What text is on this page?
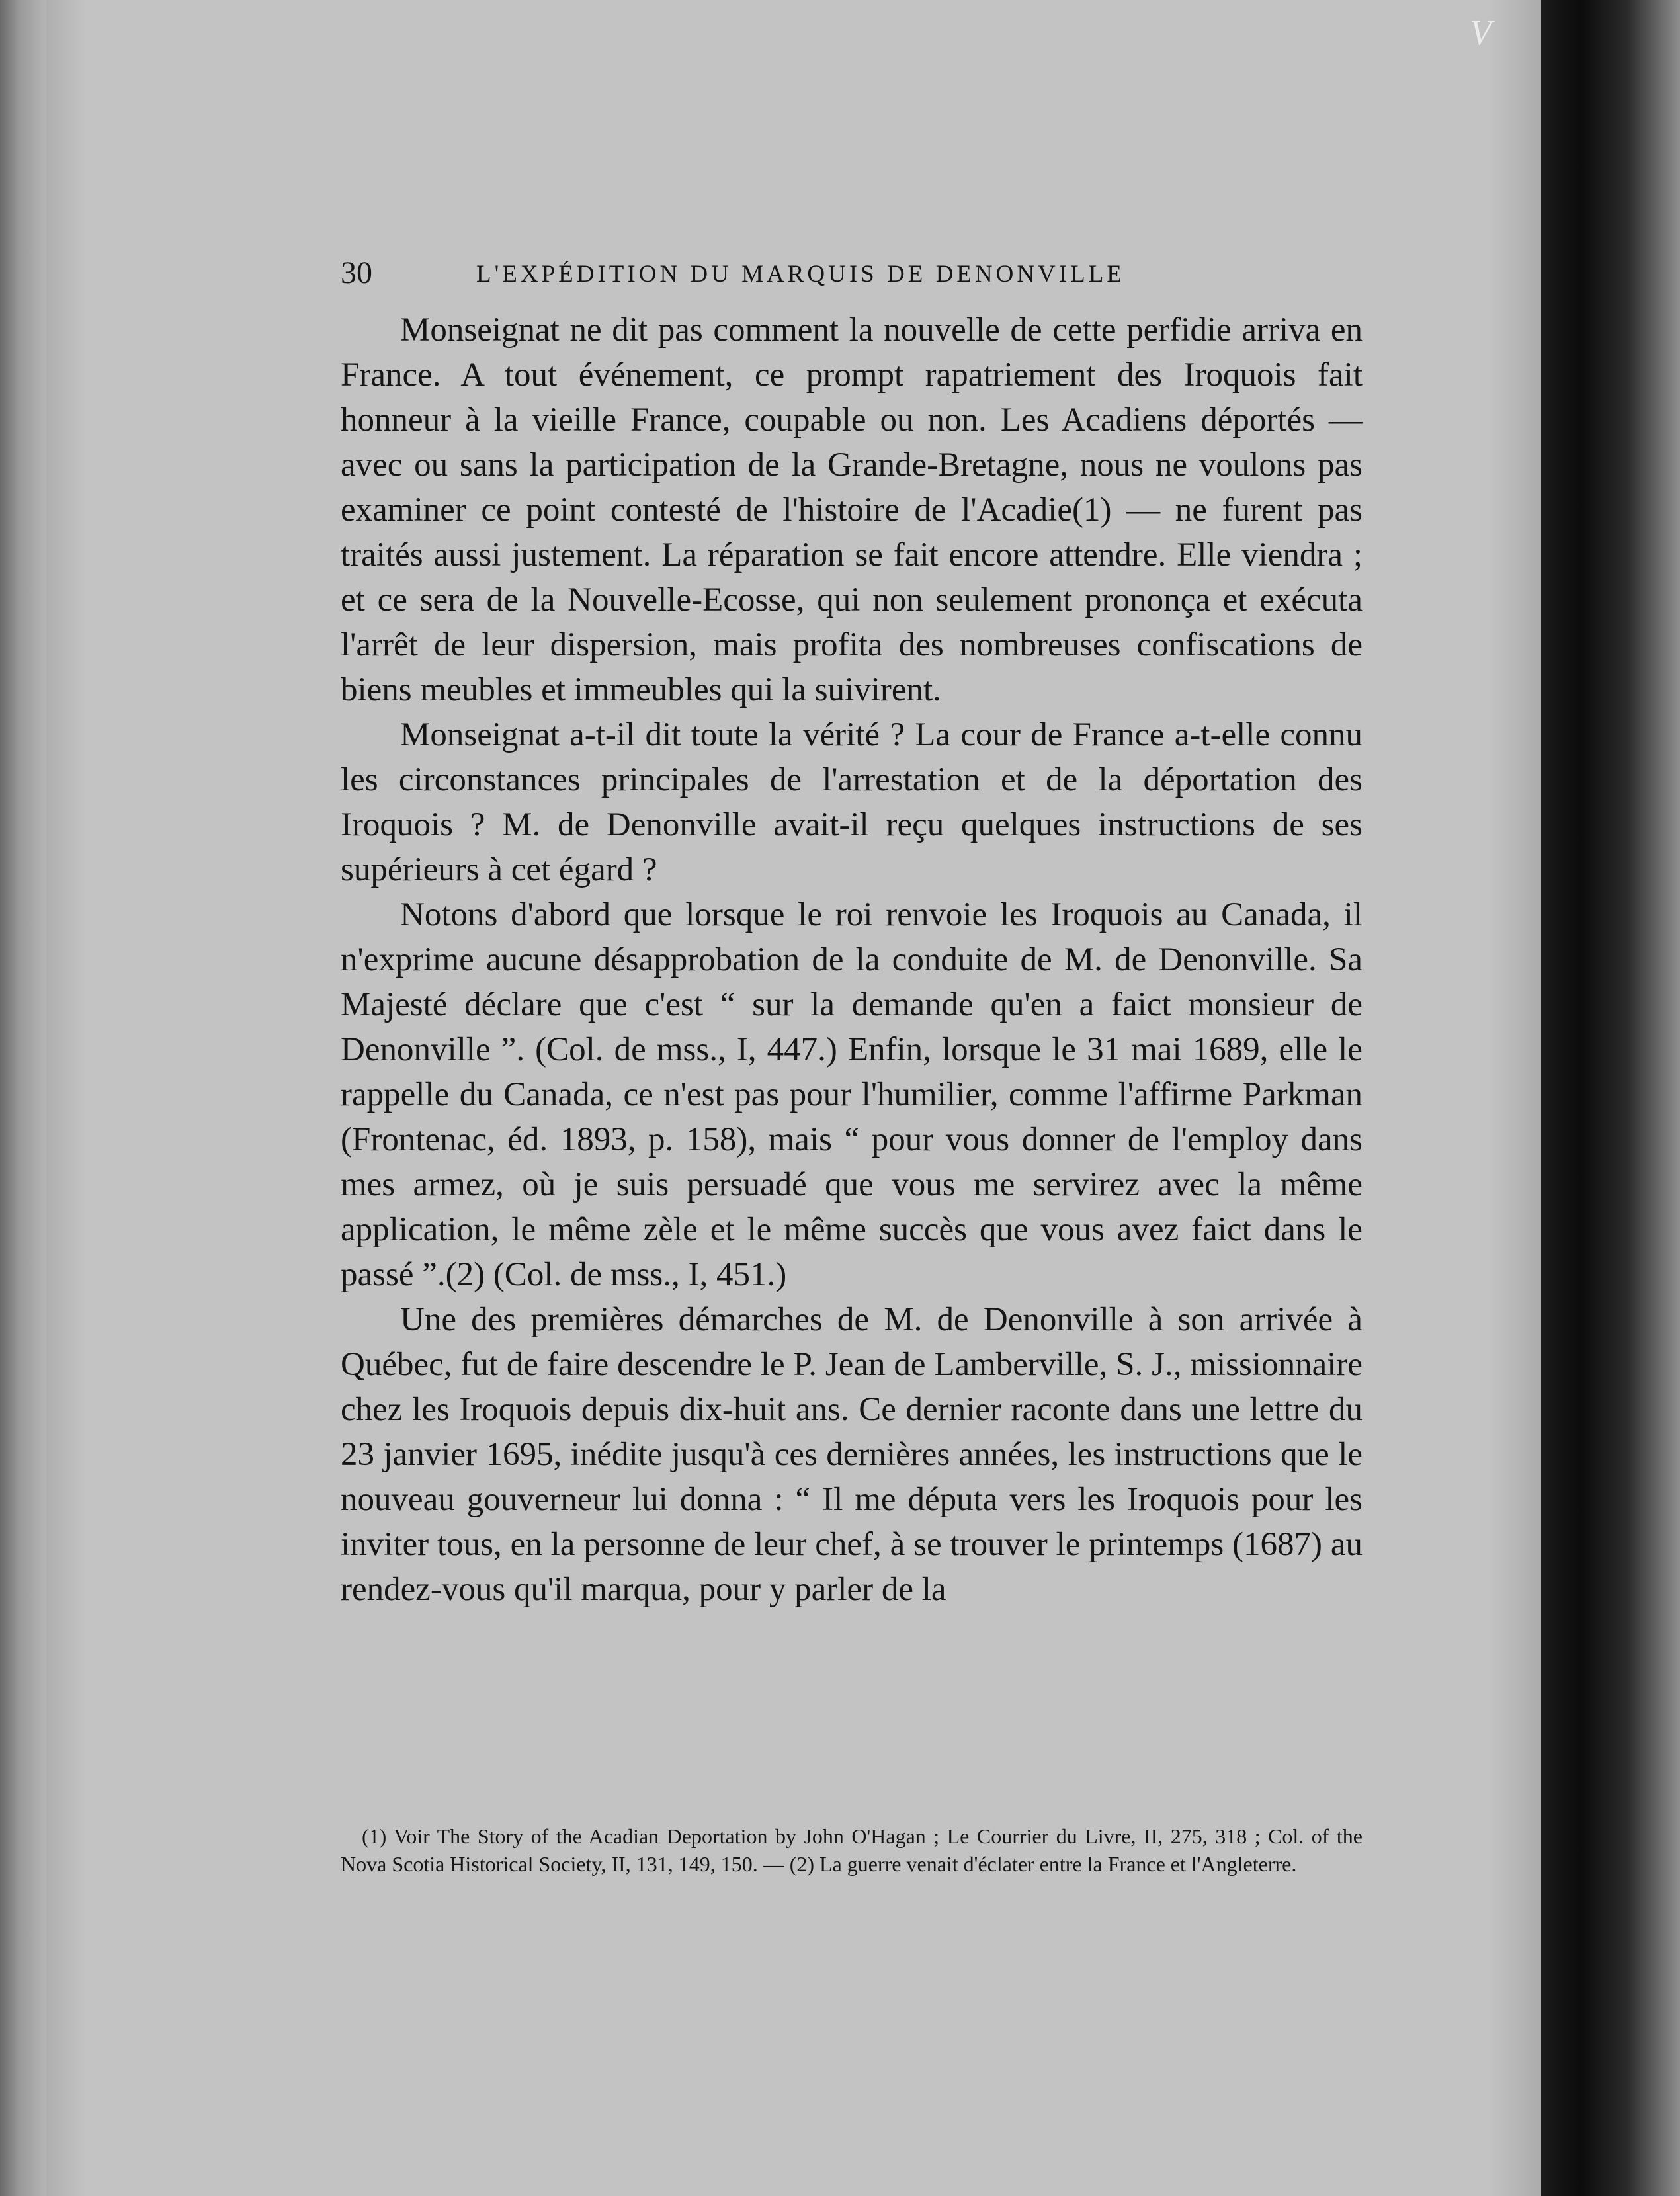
V
30	L'EXPÉDITION DU MARQUIS DE DENONVILLE

Monseignat ne dit pas comment la nouvelle de cette perfidie arriva en France. A tout événement, ce prompt rapatriement des Iroquois fait honneur à la vieille France, coupable ou non. Les Acadiens déportés — avec ou sans la participation de la Grande-Bretagne, nous ne voulons pas examiner ce point contesté de l'histoire de l'Acadie(1) — ne furent pas traités aussi justement. La réparation se fait encore attendre. Elle viendra ; et ce sera de la Nouvelle-Ecosse, qui non seulement prononça et exécuta l'arrêt de leur dispersion, mais profita des nombreuses confiscations de biens meubles et immeubles qui la suivirent.

Monseignat a-t-il dit toute la vérité ? La cour de France a-t-elle connu les circonstances principales de l'arrestation et de la déportation des Iroquois ? M. de Denonville avait-il reçu quelques instructions de ses supérieurs à cet égard ?

Notons d'abord que lorsque le roi renvoie les Iroquois au Canada, il n'exprime aucune désapprobation de la conduite de M. de Denonville. Sa Majesté déclare que c'est “ sur la demande qu'en a faict monsieur de Denonville ”. (Col. de mss., I, 447.) Enfin, lorsque le 31 mai 1689, elle le rappelle du Canada, ce n'est pas pour l'humilier, comme l'affirme Parkman (Frontenac, éd. 1893, p. 158), mais “ pour vous donner de l'employ dans mes armez, où je suis persuadé que vous me servirez avec la même application, le même zèle et le même succès que vous avez faict dans le passé ”.(2) (Col. de mss., I, 451.)

Une des premières démarches de M. de Denonville à son arrivée à Québec, fut de faire descendre le P. Jean de Lamberville, S. J., missionnaire chez les Iroquois depuis dix-huit ans. Ce dernier raconte dans une lettre du 23 janvier 1695, inédite jusqu'à ces dernières années, les instructions que le nouveau gouverneur lui donna : “ Il me députa vers les Iroquois pour les inviter tous, en la personne de leur chef, à se trouver le printemps (1687) au rendez-vous qu'il marqua, pour y parler de la

(1) Voir The Story of the Acadian Deportation by John O'Hagan ; Le Courrier du Livre, II, 275, 318 ; Col. of the Nova Scotia Historical Society, II, 131, 149, 150. — (2) La guerre venait d'éclater entre la France et l'Angleterre.
